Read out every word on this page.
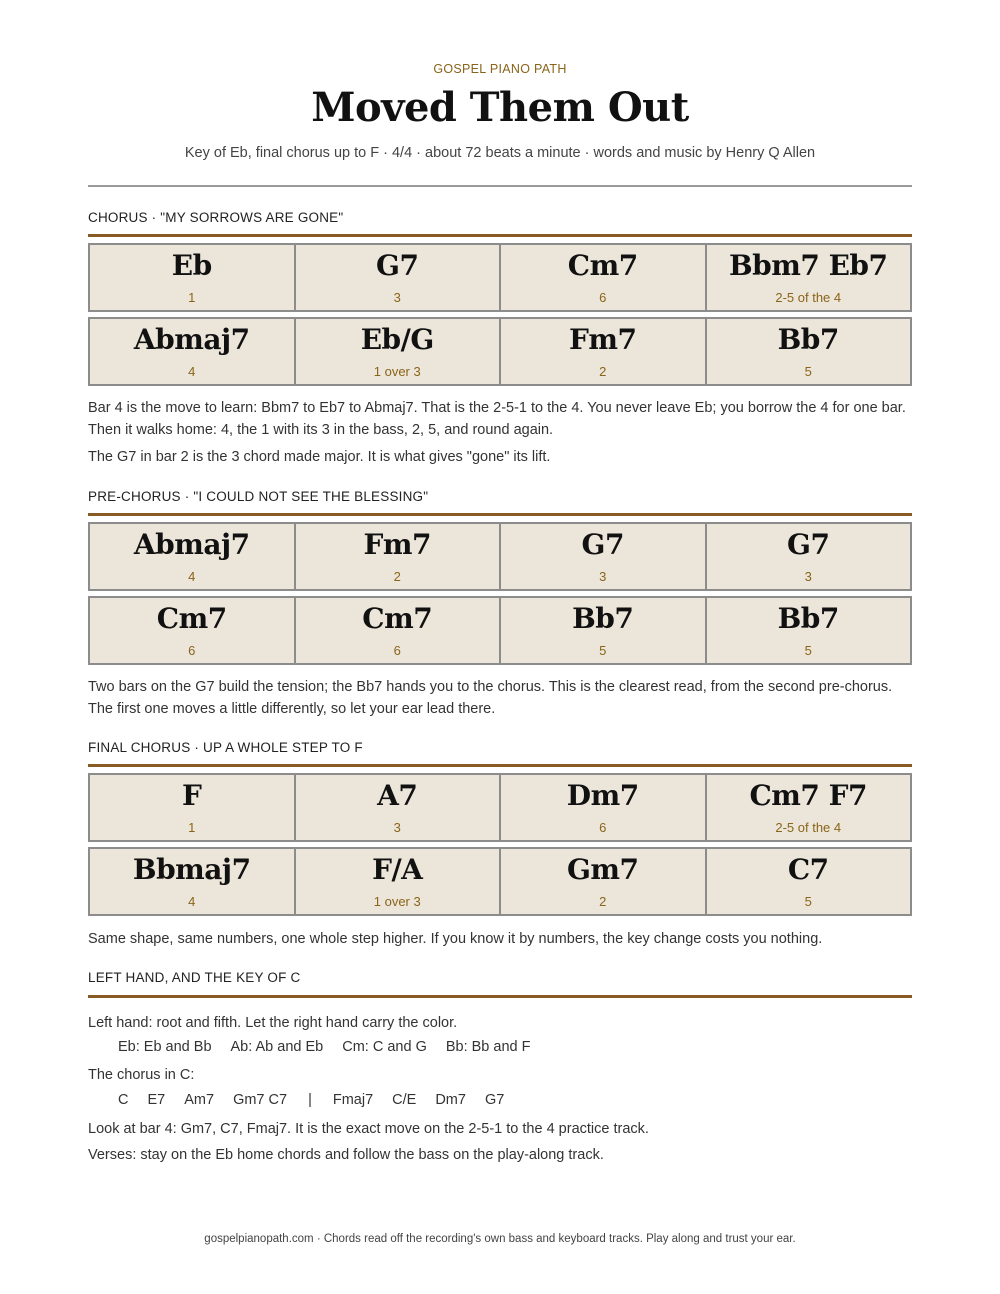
GOSPEL PIANO PATH
Moved Them Out
Key of Eb, final chorus up to F · 4/4 · about 72 beats a minute · words and music by Henry Q Allen
CHORUS · "MY SORROWS ARE GONE"
Eb
1
G7
3
Cm7
6
Bbm7 Eb7
2-5 of the 4
Abmaj7
4
Eb/G
1 over 3
Fm7
2
Bb7
5
Bar 4 is the move to learn: Bbm7 to Eb7 to Abmaj7. That is the 2-5-1 to the 4. You never leave Eb; you borrow the 4 for one bar. Then it walks home: 4, the 1 with its 3 in the bass, 2, 5, and round again.
The G7 in bar 2 is the 3 chord made major. It is what gives "gone" its lift.
PRE-CHORUS · "I COULD NOT SEE THE BLESSING"
Abmaj7
4
Fm7
2
G7
3
G7
3
Cm7
6
Cm7
6
Bb7
5
Bb7
5
Two bars on the G7 build the tension; the Bb7 hands you to the chorus. This is the clearest read, from the second pre-chorus. The first one moves a little differently, so let your ear lead there.
FINAL CHORUS · UP A WHOLE STEP TO F
F
1
A7
3
Dm7
6
Cm7 F7
2-5 of the 4
Bbmaj7
4
F/A
1 over 3
Gm7
2
C7
5
Same shape, same numbers, one whole step higher. If you know it by numbers, the key change costs you nothing.
LEFT HAND, AND THE KEY OF C
Left hand: root and fifth. Let the right hand carry the color.
Eb: Eb and Bb Ab: Ab and Eb Cm: C and G Bb: Bb and F
The chorus in C:
C E7 Am7 Gm7 C7 | Fmaj7 C/E Dm7 G7
Look at bar 4: Gm7, C7, Fmaj7. It is the exact move on the 2-5-1 to the 4 practice track.
Verses: stay on the Eb home chords and follow the bass on the play-along track.
gospelpianopath.com · Chords read off the recording's own bass and keyboard tracks. Play along and trust your ear.
